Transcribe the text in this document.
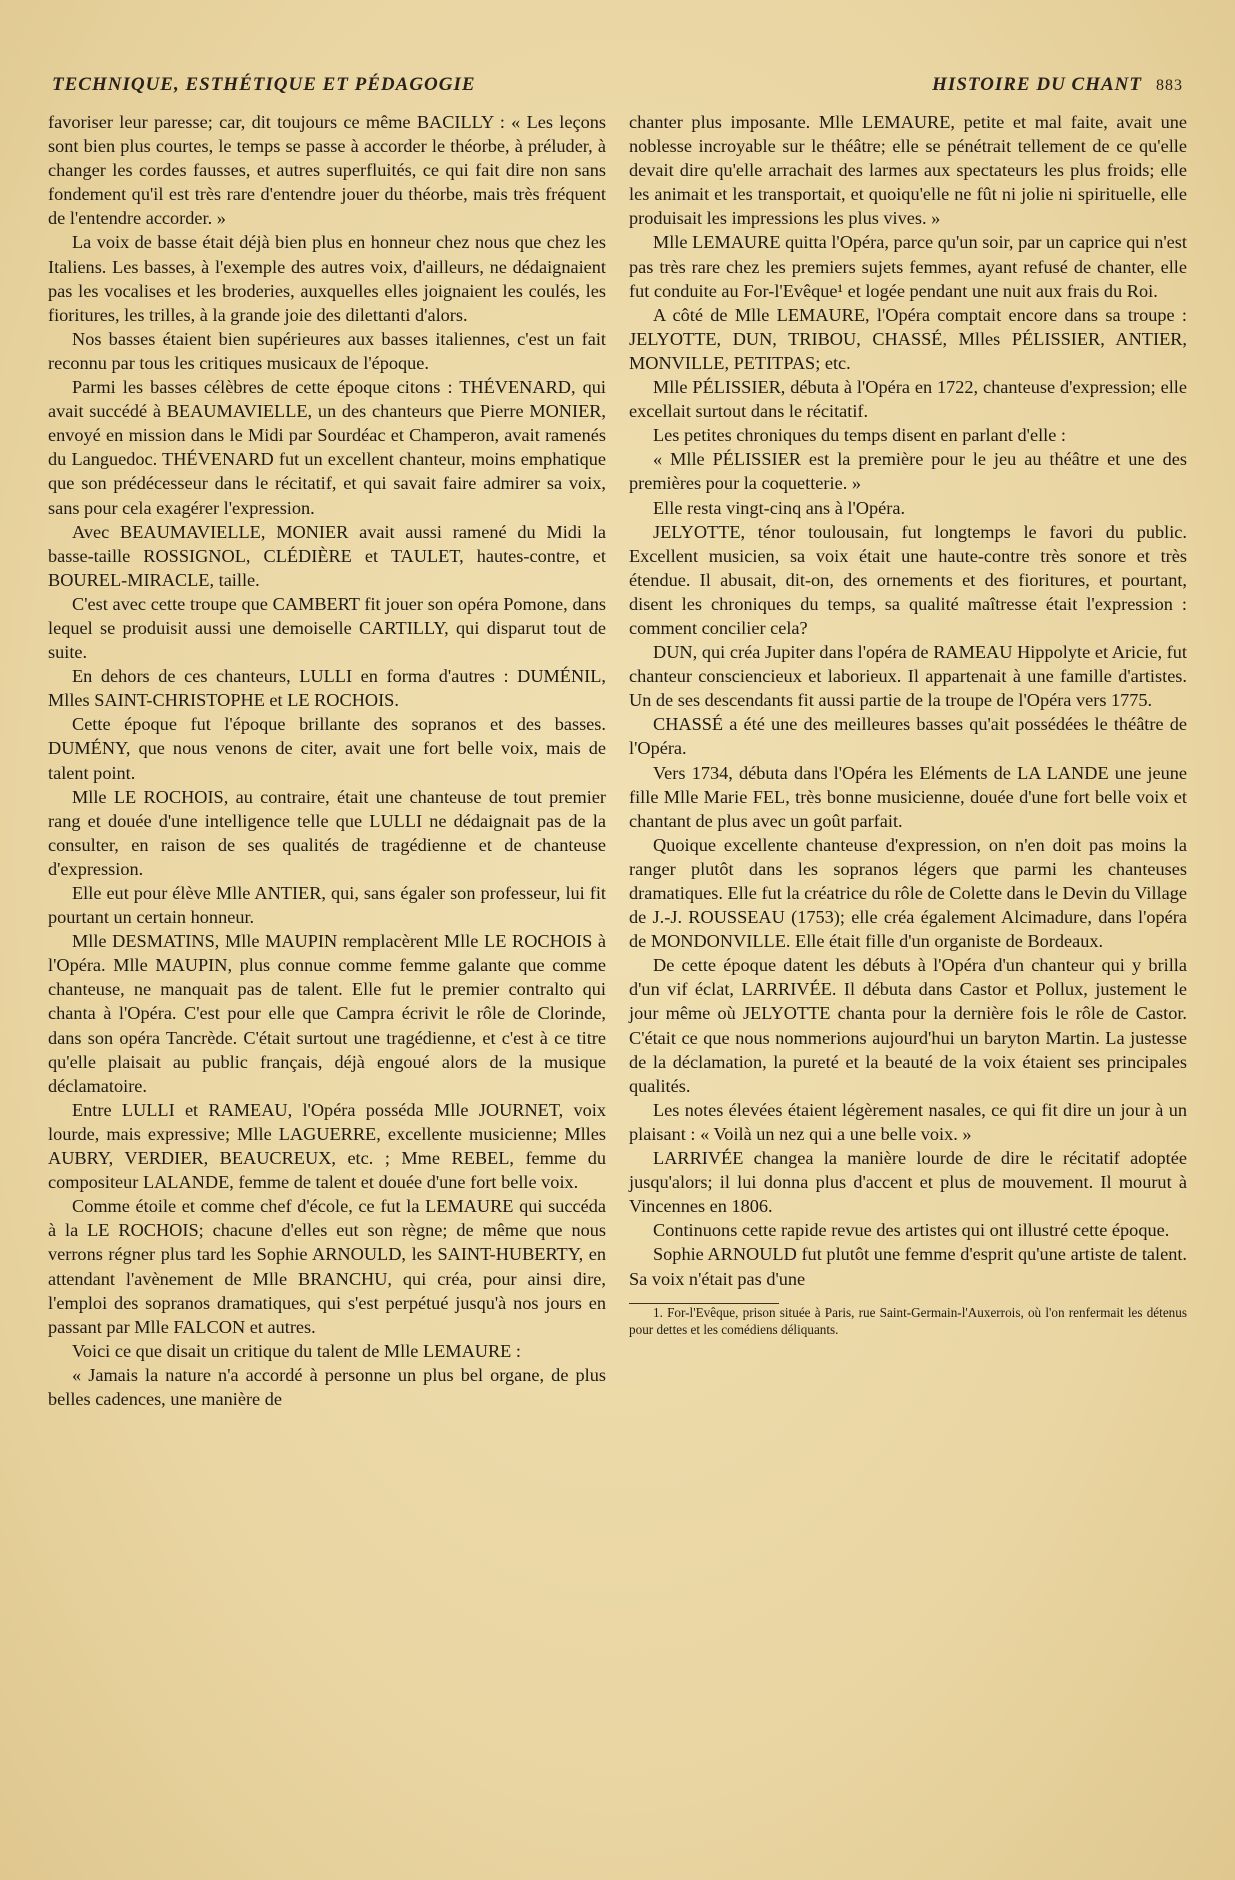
TECHNIQUE, ESTHÉTIQUE ET PÉDAGOGIE	HISTOIRE DU CHANT 883

favoriser leur paresse; car, dit toujours ce même BACILLY : « Les leçons sont bien plus courtes, le temps se passe à accorder le théorbe, à préluder, à changer les cordes fausses, et autres superfluités, ce qui fait dire non sans fondement qu'il est très rare d'entendre jouer du théorbe, mais très fréquent de l'entendre accorder. »

La voix de basse était déjà bien plus en honneur chez nous que chez les Italiens. Les basses, à l'exemple des autres voix, d'ailleurs, ne dédaignaient pas les vocalises et les broderies, auxquelles elles joignaient les coulés, les fioritures, les trilles, à la grande joie des dilettanti d'alors.

Nos basses étaient bien supérieures aux basses italiennes, c'est un fait reconnu par tous les critiques musicaux de l'époque.

Parmi les basses célèbres de cette époque citons : THÉVENARD, qui avait succédé à BEAUMAVIELLE, un des chanteurs que Pierre MONIER, envoyé en mission dans le Midi par Sourdéac et Champeron, avait ramenés du Languedoc. THÉVENARD fut un excellent chanteur, moins emphatique que son prédécesseur dans le récitatif, et qui savait faire admirer sa voix, sans pour cela exagérer l'expression.

Avec BEAUMAVIELLE, MONIER avait aussi ramené du Midi la basse-taille ROSSIGNOL, CLÉDIÈRE et TAULET, hautes-contre, et BOUREL-MIRACLE, taille.

C'est avec cette troupe que CAMBERT fit jouer son opéra Pomone, dans lequel se produisit aussi une demoiselle CARTILLY, qui disparut tout de suite.

En dehors de ces chanteurs, LULLI en forma d'autres : DUMÉNIL, Mlles SAINT-CHRISTOPHE et LE ROCHOIS.

Cette époque fut l'époque brillante des sopranos et des basses. DUMÉNY, que nous venons de citer, avait une fort belle voix, mais de talent point.

Mlle LE ROCHOIS, au contraire, était une chanteuse de tout premier rang et douée d'une intelligence telle que LULLI ne dédaignait pas de la consulter, en raison de ses qualités de tragédienne et de chanteuse d'expression.

Elle eut pour élève Mlle ANTIER, qui, sans égaler son professeur, lui fit pourtant un certain honneur.

Mlle DESMATINS, Mlle MAUPIN remplacèrent Mlle LE ROCHOIS à l'Opéra. Mlle MAUPIN, plus connue comme femme galante que comme chanteuse, ne manquait pas de talent. Elle fut le premier contralto qui chanta à l'Opéra. C'est pour elle que Campra écrivit le rôle de Clorinde, dans son opéra Tancrède. C'était surtout une tragédienne, et c'est à ce titre qu'elle plaisait au public français, déjà engoué alors de la musique déclamatoire.

Entre LULLI et RAMEAU, l'Opéra posséda Mlle JOURNET, voix lourde, mais expressive; Mlle LAGUERRE, excellente musicienne; Mlles AUBRY, VERDIER, BEAUCREUX, etc. ; Mme REBEL, femme du compositeur LALANDE, femme de talent et douée d'une fort belle voix.

Comme étoile et comme chef d'école, ce fut la LEMAURE qui succéda à la LE ROCHOIS; chacune d'elles eut son règne; de même que nous verrons régner plus tard les Sophie ARNOULD, les SAINT-HUBERTY, en attendant l'avènement de Mlle BRANCHU, qui créa, pour ainsi dire, l'emploi des sopranos dramatiques, qui s'est perpétué jusqu'à nos jours en passant par Mlle FALCON et autres.

Voici ce que disait un critique du talent de Mlle LEMAURE :

« Jamais la nature n'a accordé à personne un plus bel organe, de plus belles cadences, une manière de

chanter plus imposante. Mlle LEMAURE, petite et mal faite, avait une noblesse incroyable sur le théâtre; elle se pénétrait tellement de ce qu'elle devait dire qu'elle arrachait des larmes aux spectateurs les plus froids; elle les animait et les transportait, et quoiqu'elle ne fût ni jolie ni spirituelle, elle produisait les impressions les plus vives. »

Mlle LEMAURE quitta l'Opéra, parce qu'un soir, par un caprice qui n'est pas très rare chez les premiers sujets femmes, ayant refusé de chanter, elle fut conduite au For-l'Evêque¹ et logée pendant une nuit aux frais du Roi.

A côté de Mlle LEMAURE, l'Opéra comptait encore dans sa troupe : JELYOTTE, DUN, TRIBOU, CHASSÉ, Mlles PÉLISSIER, ANTIER, MONVILLE, PETITPAS; etc.

Mlle PÉLISSIER, débuta à l'Opéra en 1722, chanteuse d'expression; elle excellait surtout dans le récitatif.

Les petites chroniques du temps disent en parlant d'elle :

« Mlle PÉLISSIER est la première pour le jeu au théâtre et une des premières pour la coquetterie. »

Elle resta vingt-cinq ans à l'Opéra.

JELYOTTE, ténor toulousain, fut longtemps le favori du public. Excellent musicien, sa voix était une haute-contre très sonore et très étendue. Il abusait, dit-on, des ornements et des fioritures, et pourtant, disent les chroniques du temps, sa qualité maîtresse était l'expression : comment concilier cela?

DUN, qui créa Jupiter dans l'opéra de RAMEAU Hippolyte et Aricie, fut chanteur consciencieux et laborieux. Il appartenait à une famille d'artistes. Un de ses descendants fit aussi partie de la troupe de l'Opéra vers 1775.

CHASSÉ a été une des meilleures basses qu'ait possédées le théâtre de l'Opéra.

Vers 1734, débuta dans l'Opéra les Eléments de LA LANDE une jeune fille Mlle Marie FEL, très bonne musicienne, douée d'une fort belle voix et chantant de plus avec un goût parfait.

Quoique excellente chanteuse d'expression, on n'en doit pas moins la ranger plutôt dans les sopranos légers que parmi les chanteuses dramatiques. Elle fut la créatrice du rôle de Colette dans le Devin du Village de J.-J. ROUSSEAU (1753); elle créa également Alcimadure, dans l'opéra de MONDONVILLE. Elle était fille d'un organiste de Bordeaux.

De cette époque datent les débuts à l'Opéra d'un chanteur qui y brilla d'un vif éclat, LARRIVÉE. Il débuta dans Castor et Pollux, justement le jour même où JELYOTTE chanta pour la dernière fois le rôle de Castor. C'était ce que nous nommerions aujourd'hui un baryton Martin. La justesse de la déclamation, la pureté et la beauté de la voix étaient ses principales qualités.

Les notes élevées étaient légèrement nasales, ce qui fit dire un jour à un plaisant : « Voilà un nez qui a une belle voix. »

LARRIVÉE changea la manière lourde de dire le récitatif adoptée jusqu'alors; il lui donna plus d'accent et plus de mouvement. Il mourut à Vincennes en 1806.

Continuons cette rapide revue des artistes qui ont illustré cette époque.

Sophie ARNOULD fut plutôt une femme d'esprit qu'une artiste de talent. Sa voix n'était pas d'une

1. For-l'Evêque, prison située à Paris, rue Saint-Germain-l'Auxerrois, où l'on renfermait les détenus pour dettes et les comédiens déliquants.
